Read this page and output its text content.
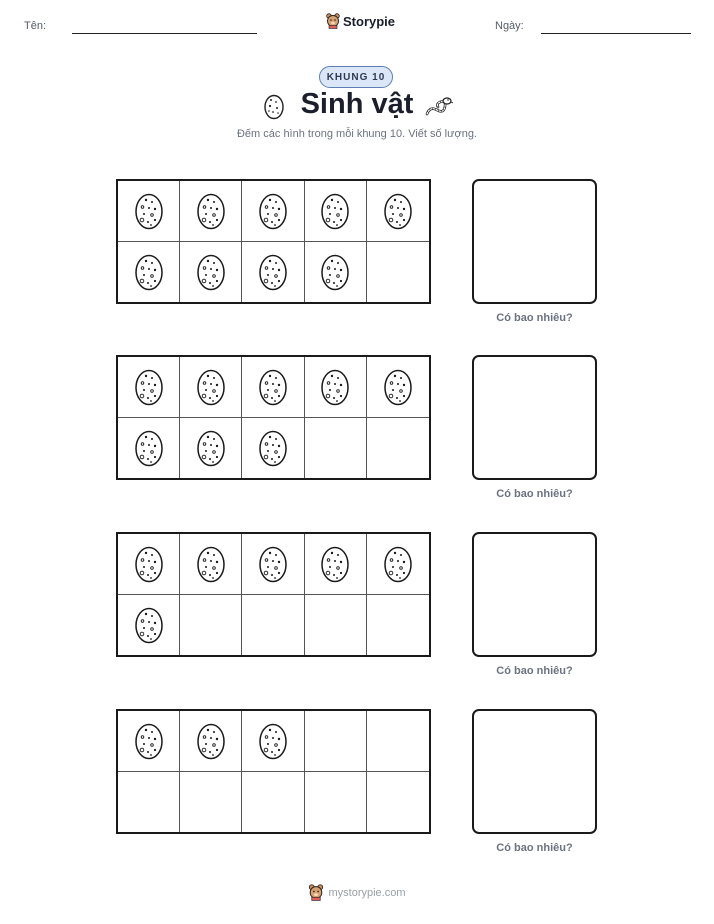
Tên:	Storypie	Ngày:
KHUNG 10
Sinh vật
Đếm các hình trong mỗi khung 10. Viết số lượng.
Có bao nhiêu?
Có bao nhiêu?
Có bao nhiêu?
Có bao nhiêu?
mystorypie.com
